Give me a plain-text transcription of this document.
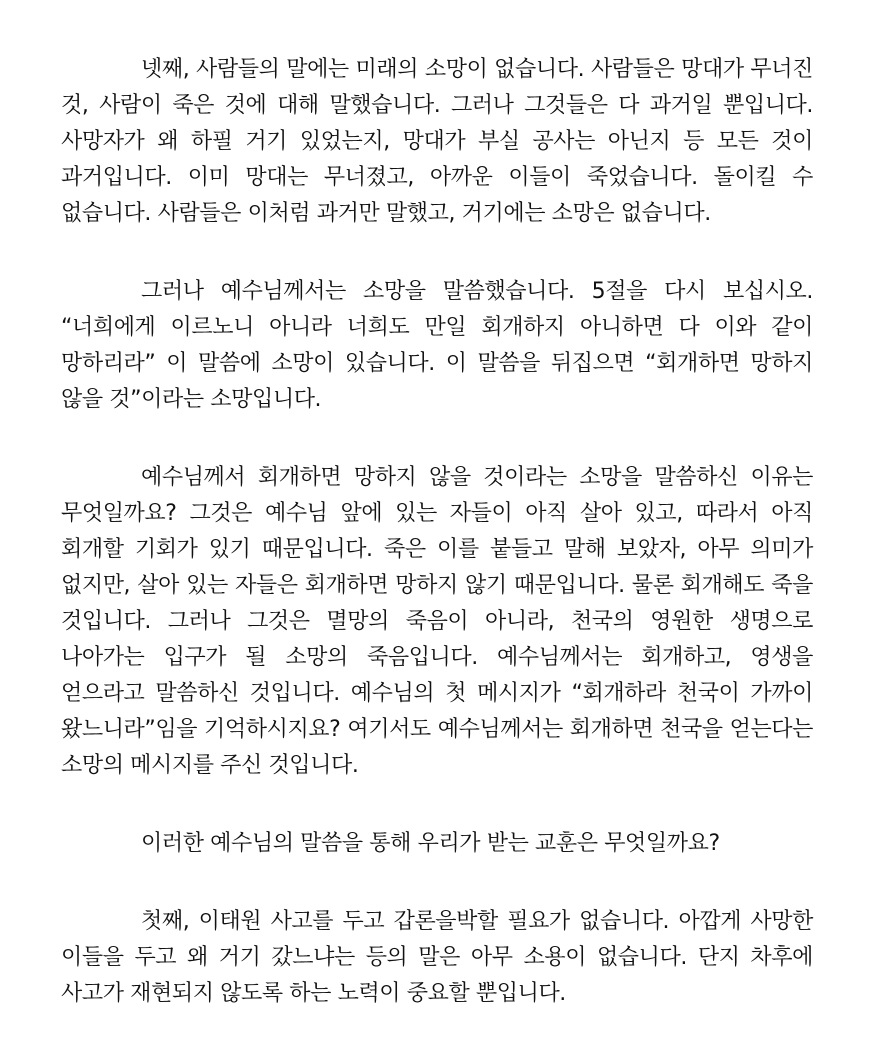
넷째, 사람들의 말에는 미래의 소망이 없습니다. 사람들은 망대가 무너진 것, 사람이 죽은 것에 대해 말했습니다. 그러나 그것들은 다 과거일 뿐입니다. 사망자가 왜 하필 거기 있었는지, 망대가 부실 공사는 아닌지 등 모든 것이 과거입니다. 이미 망대는 무너졌고, 아까운 이들이 죽었습니다. 돌이킬 수 없습니다. 사람들은 이처럼 과거만 말했고, 거기에는 소망은 없습니다.

그러나 예수님께서는 소망을 말씀했습니다. 5절을 다시 보십시오. “너희에게 이르노니 아니라 너희도 만일 회개하지 아니하면 다 이와 같이 망하리라” 이 말씀에 소망이 있습니다. 이 말씀을 뒤집으면 “회개하면 망하지 않을 것”이라는 소망입니다.

예수님께서 회개하면 망하지 않을 것이라는 소망을 말씀하신 이유는 무엇일까요? 그것은 예수님 앞에 있는 자들이 아직 살아 있고, 따라서 아직 회개할 기회가 있기 때문입니다. 죽은 이를 붙들고 말해 보았자, 아무 의미가 없지만, 살아 있는 자들은 회개하면 망하지 않기 때문입니다. 물론 회개해도 죽을 것입니다. 그러나 그것은 멸망의 죽음이 아니라, 천국의 영원한 생명으로 나아가는 입구가 될 소망의 죽음입니다. 예수님께서는 회개하고, 영생을 얻으라고 말씀하신 것입니다. 예수님의 첫 메시지가 “회개하라 천국이 가까이 왔느니라”임을 기억하시지요? 여기서도 예수님께서는 회개하면 천국을 얻는다는 소망의 메시지를 주신 것입니다.

이러한 예수님의 말씀을 통해 우리가 받는 교훈은 무엇일까요?

첫째, 이태원 사고를 두고 갑론을박할 필요가 없습니다. 아깝게 사망한 이들을 두고 왜 거기 갔느냐는 등의 말은 아무 소용이 없습니다. 단지 차후에 사고가 재현되지 않도록 하는 노력이 중요할 뿐입니다.
